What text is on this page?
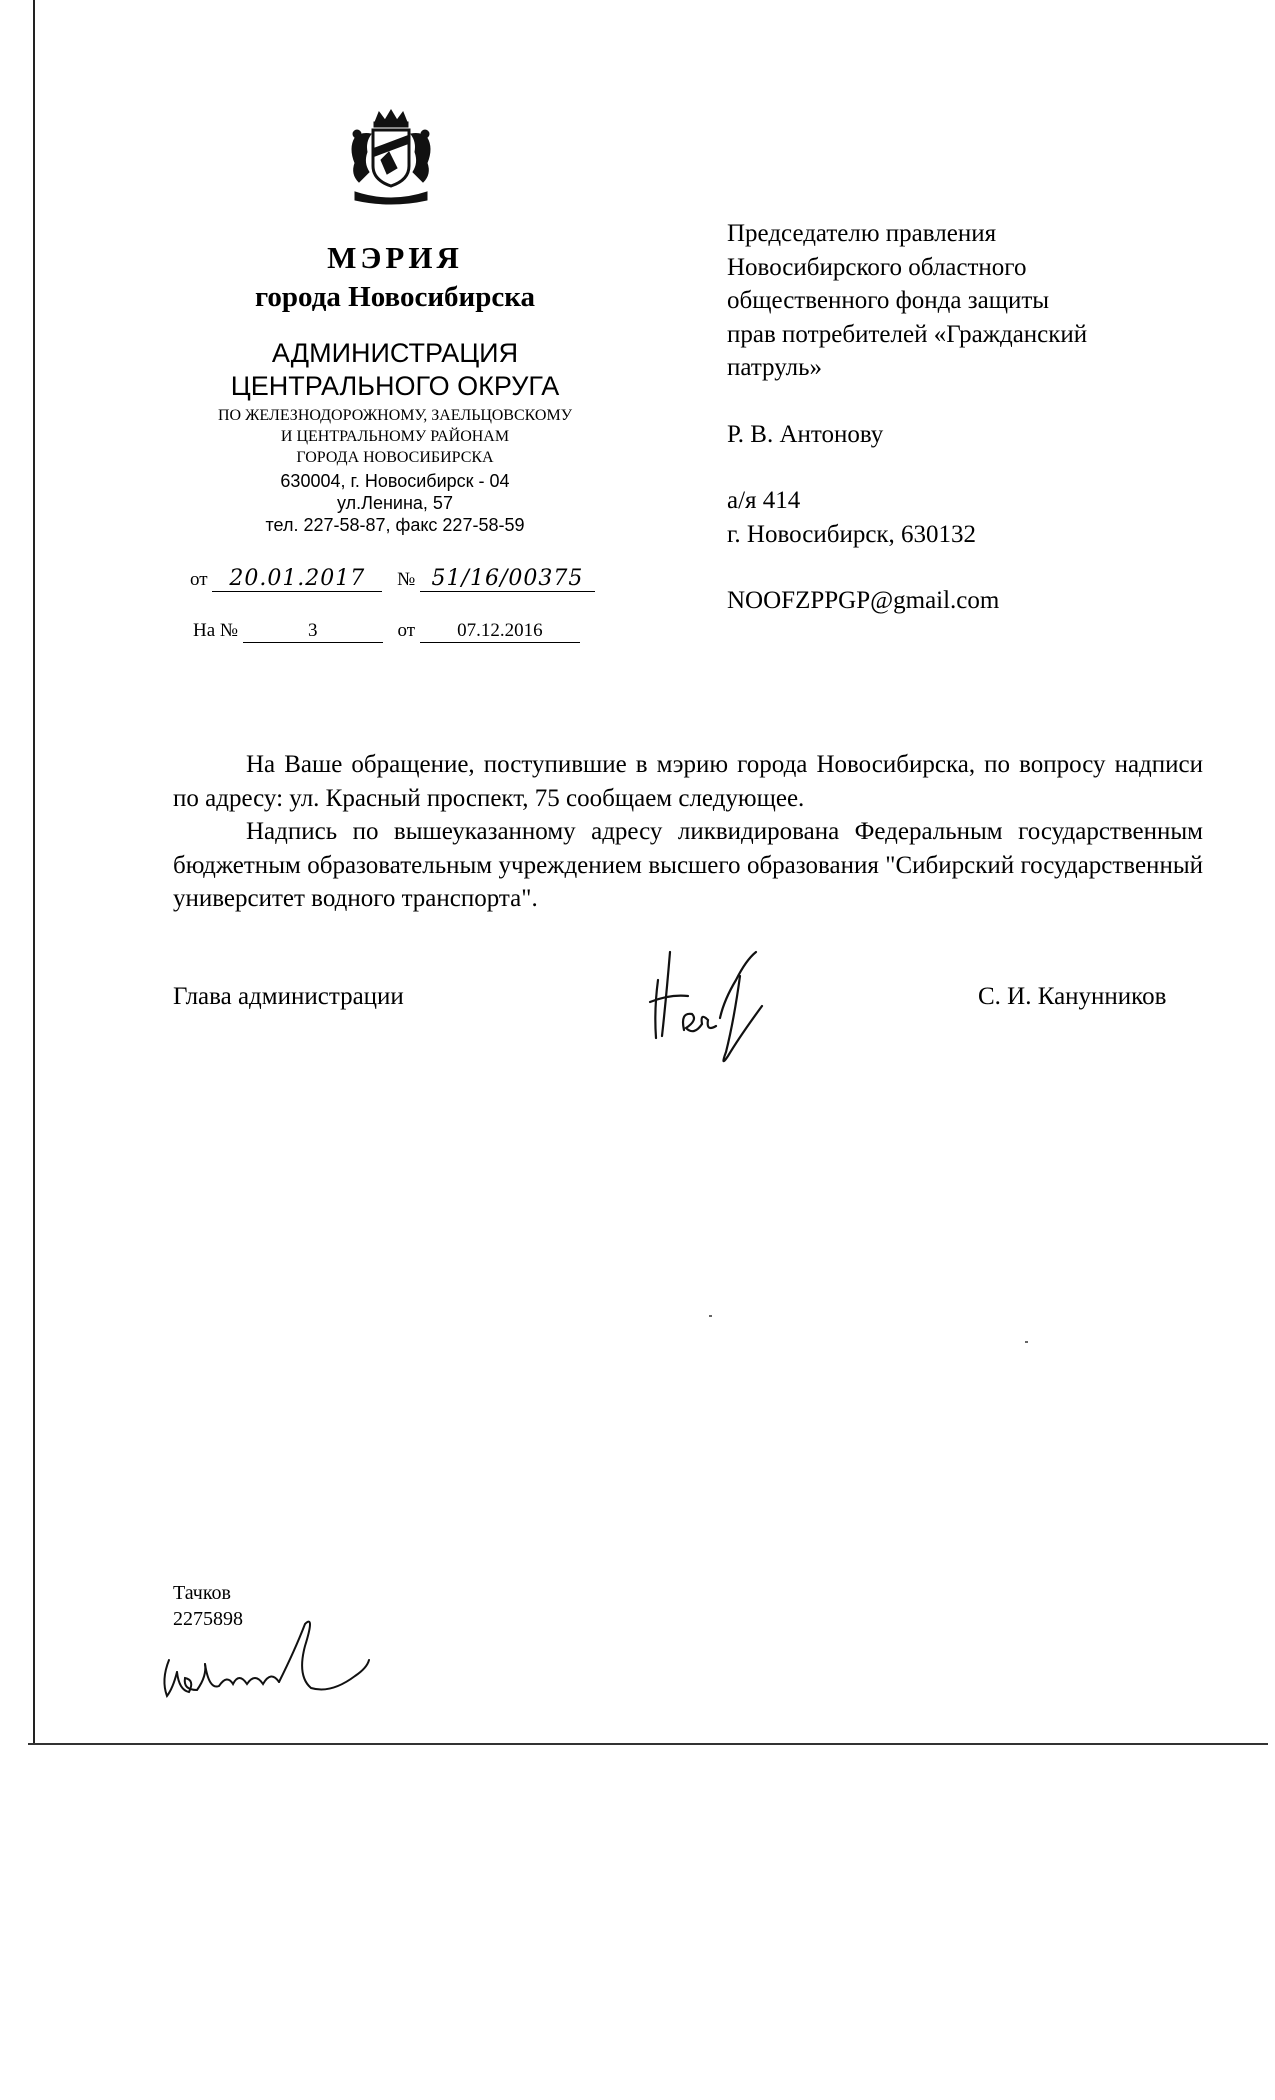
МЭРИЯ
города Новосибирска
АДМИНИСТРАЦИЯ
ЦЕНТРАЛЬНОГО ОКРУГА
ПО ЖЕЛЕЗНОДОРОЖНОМУ, ЗАЕЛЬЦОВСКОМУ
И ЦЕНТРАЛЬНОМУ РАЙОНАМ
ГОРОДА НОВОСИБИРСКА
630004, г. Новосибирск - 04
ул.Ленина, 57
тел. 227-58-87, факс 227-58-59
от 20.01.2017 № 51/16/00375
На №	3	от 07.12.2016
Председателю правления
Новосибирского областного
общественного фонда защиты
прав потребителей «Гражданский
патруль»
Р. В. Антонову
а/я 414
г. Новосибирск, 630132
NOOFZPPGP@gmail.com

На Ваше обращение, поступившие в мэрию города Новосибирска, по вопросу надписи по адресу: ул. Красный проспект, 75 сообщаем следующее.

Надпись по вышеуказанному адресу ликвидирована Федеральным государственным бюджетным образовательным учреждением высшего образования "Сибирский государственный университет водного транспорта".

Глава администрации	С. И. Канунников
Тачков
2275898
